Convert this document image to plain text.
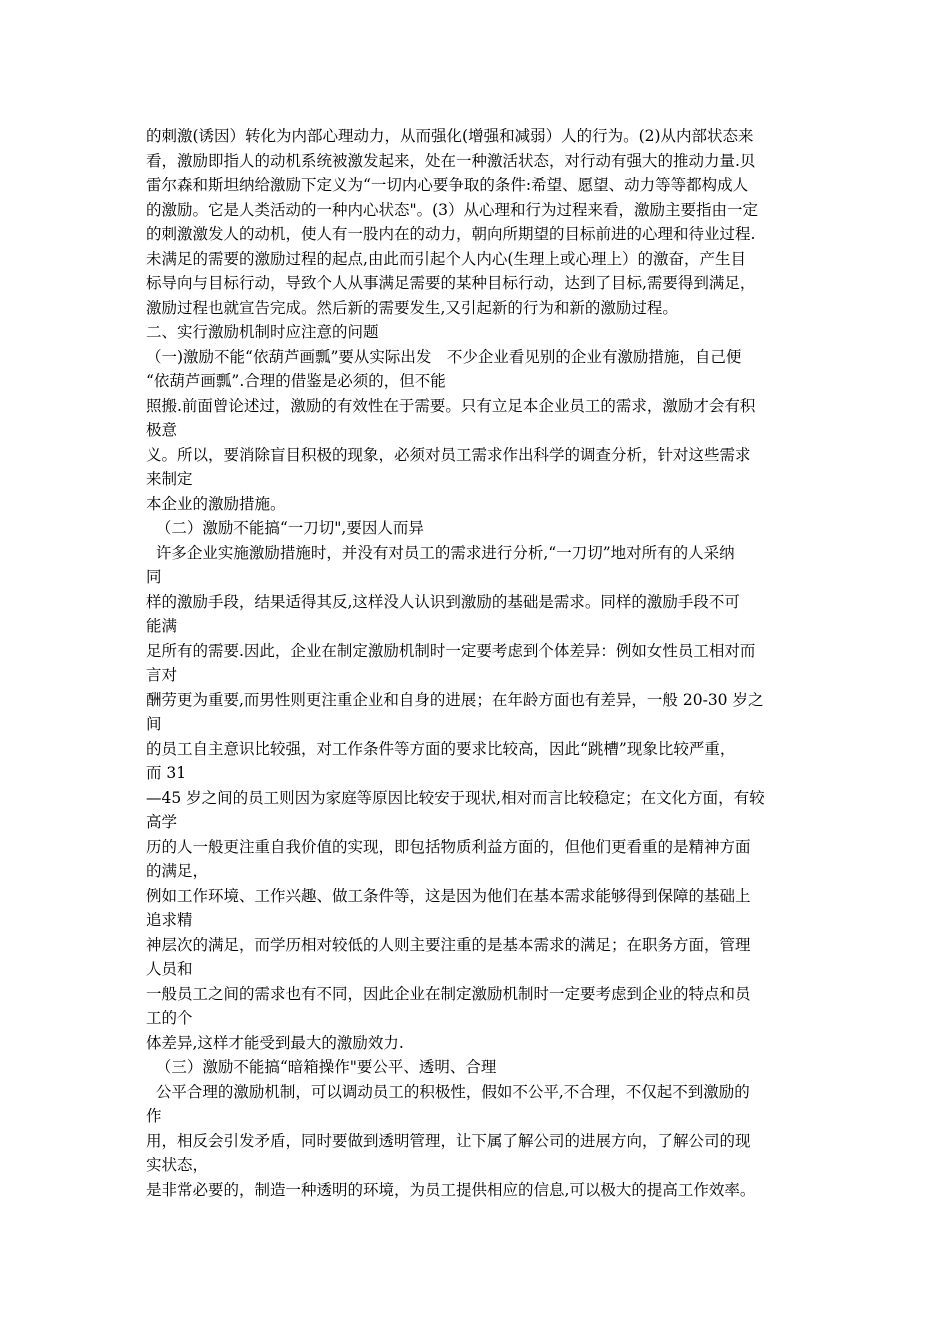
的刺激(诱因）转化为内部心理动力，从而强化(增强和减弱）人的行为。(2)从内部状态来
看，激励即指人的动机系统被激发起来，处在一种激活状态，对行动有强大的推动力量.贝
雷尔森和斯坦纳给激励下定义为“一切内心要争取的条件:希望、愿望、动力等等都构成人
的激励。它是人类活动的一种内心状态"。(3）从心理和行为过程来看，激励主要指由一定
的刺激激发人的动机，使人有一股内在的动力，朝向所期望的目标前进的心理和待业过程.
未满足的需要的激励过程的起点,由此而引起个人内心(生理上或心理上）的激奋，产生目
标导向与目标行动，导致个人从事满足需要的某种目标行动，达到了目标,需要得到满足，
激励过程也就宣告完成。然后新的需要发生,又引起新的行为和新的激励过程。
二、实行激励机制时应注意的问题
（一)激励不能“依葫芦画瓢”要从实际出发　不少企业看见别的企业有激励措施，自己便
“依葫芦画瓢”.合理的借鉴是必须的，但不能
照搬.前面曾论述过，激励的有效性在于需要。只有立足本企业员工的需求，激励才会有积
极意
义。所以，要消除盲目积极的现象，必须对员工需求作出科学的调查分析，针对这些需求
来制定
本企业的激励措施。
（二）激励不能搞“一刀切",要因人而异
许多企业实施激励措施时，并没有对员工的需求进行分析,“一刀切”地对所有的人采纳
同
样的激励手段，结果适得其反,这样没人认识到激励的基础是需求。同样的激励手段不可
能满
足所有的需要.因此，企业在制定激励机制时一定要考虑到个体差异：例如女性员工相对而
言对
酬劳更为重要,而男性则更注重企业和自身的进展；在年龄方面也有差异，一般 20-30 岁之
间
的员工自主意识比较强，对工作条件等方面的要求比较高，因此“跳槽”现象比较严重，
而 31
—45 岁之间的员工则因为家庭等原因比较安于现状,相对而言比较稳定；在文化方面，有较
高学
历的人一般更注重自我价值的实现，即包括物质利益方面的，但他们更看重的是精神方面
的满足，
例如工作环境、工作兴趣、做工条件等，这是因为他们在基本需求能够得到保障的基础上
追求精
神层次的满足，而学历相对较低的人则主要注重的是基本需求的满足；在职务方面，管理
人员和
一般员工之间的需求也有不同，因此企业在制定激励机制时一定要考虑到企业的特点和员
工的个
体差异,这样才能受到最大的激励效力.
（三）激励不能搞“暗箱操作"要公平、透明、合理
公平合理的激励机制，可以调动员工的积极性，假如不公平,不合理，不仅起不到激励的
作
用，相反会引发矛盾，同时要做到透明管理，让下属了解公司的进展方向，了解公司的现
实状态，
是非常必要的，制造一种透明的环境，为员工提供相应的信息,可以极大的提高工作效率。
